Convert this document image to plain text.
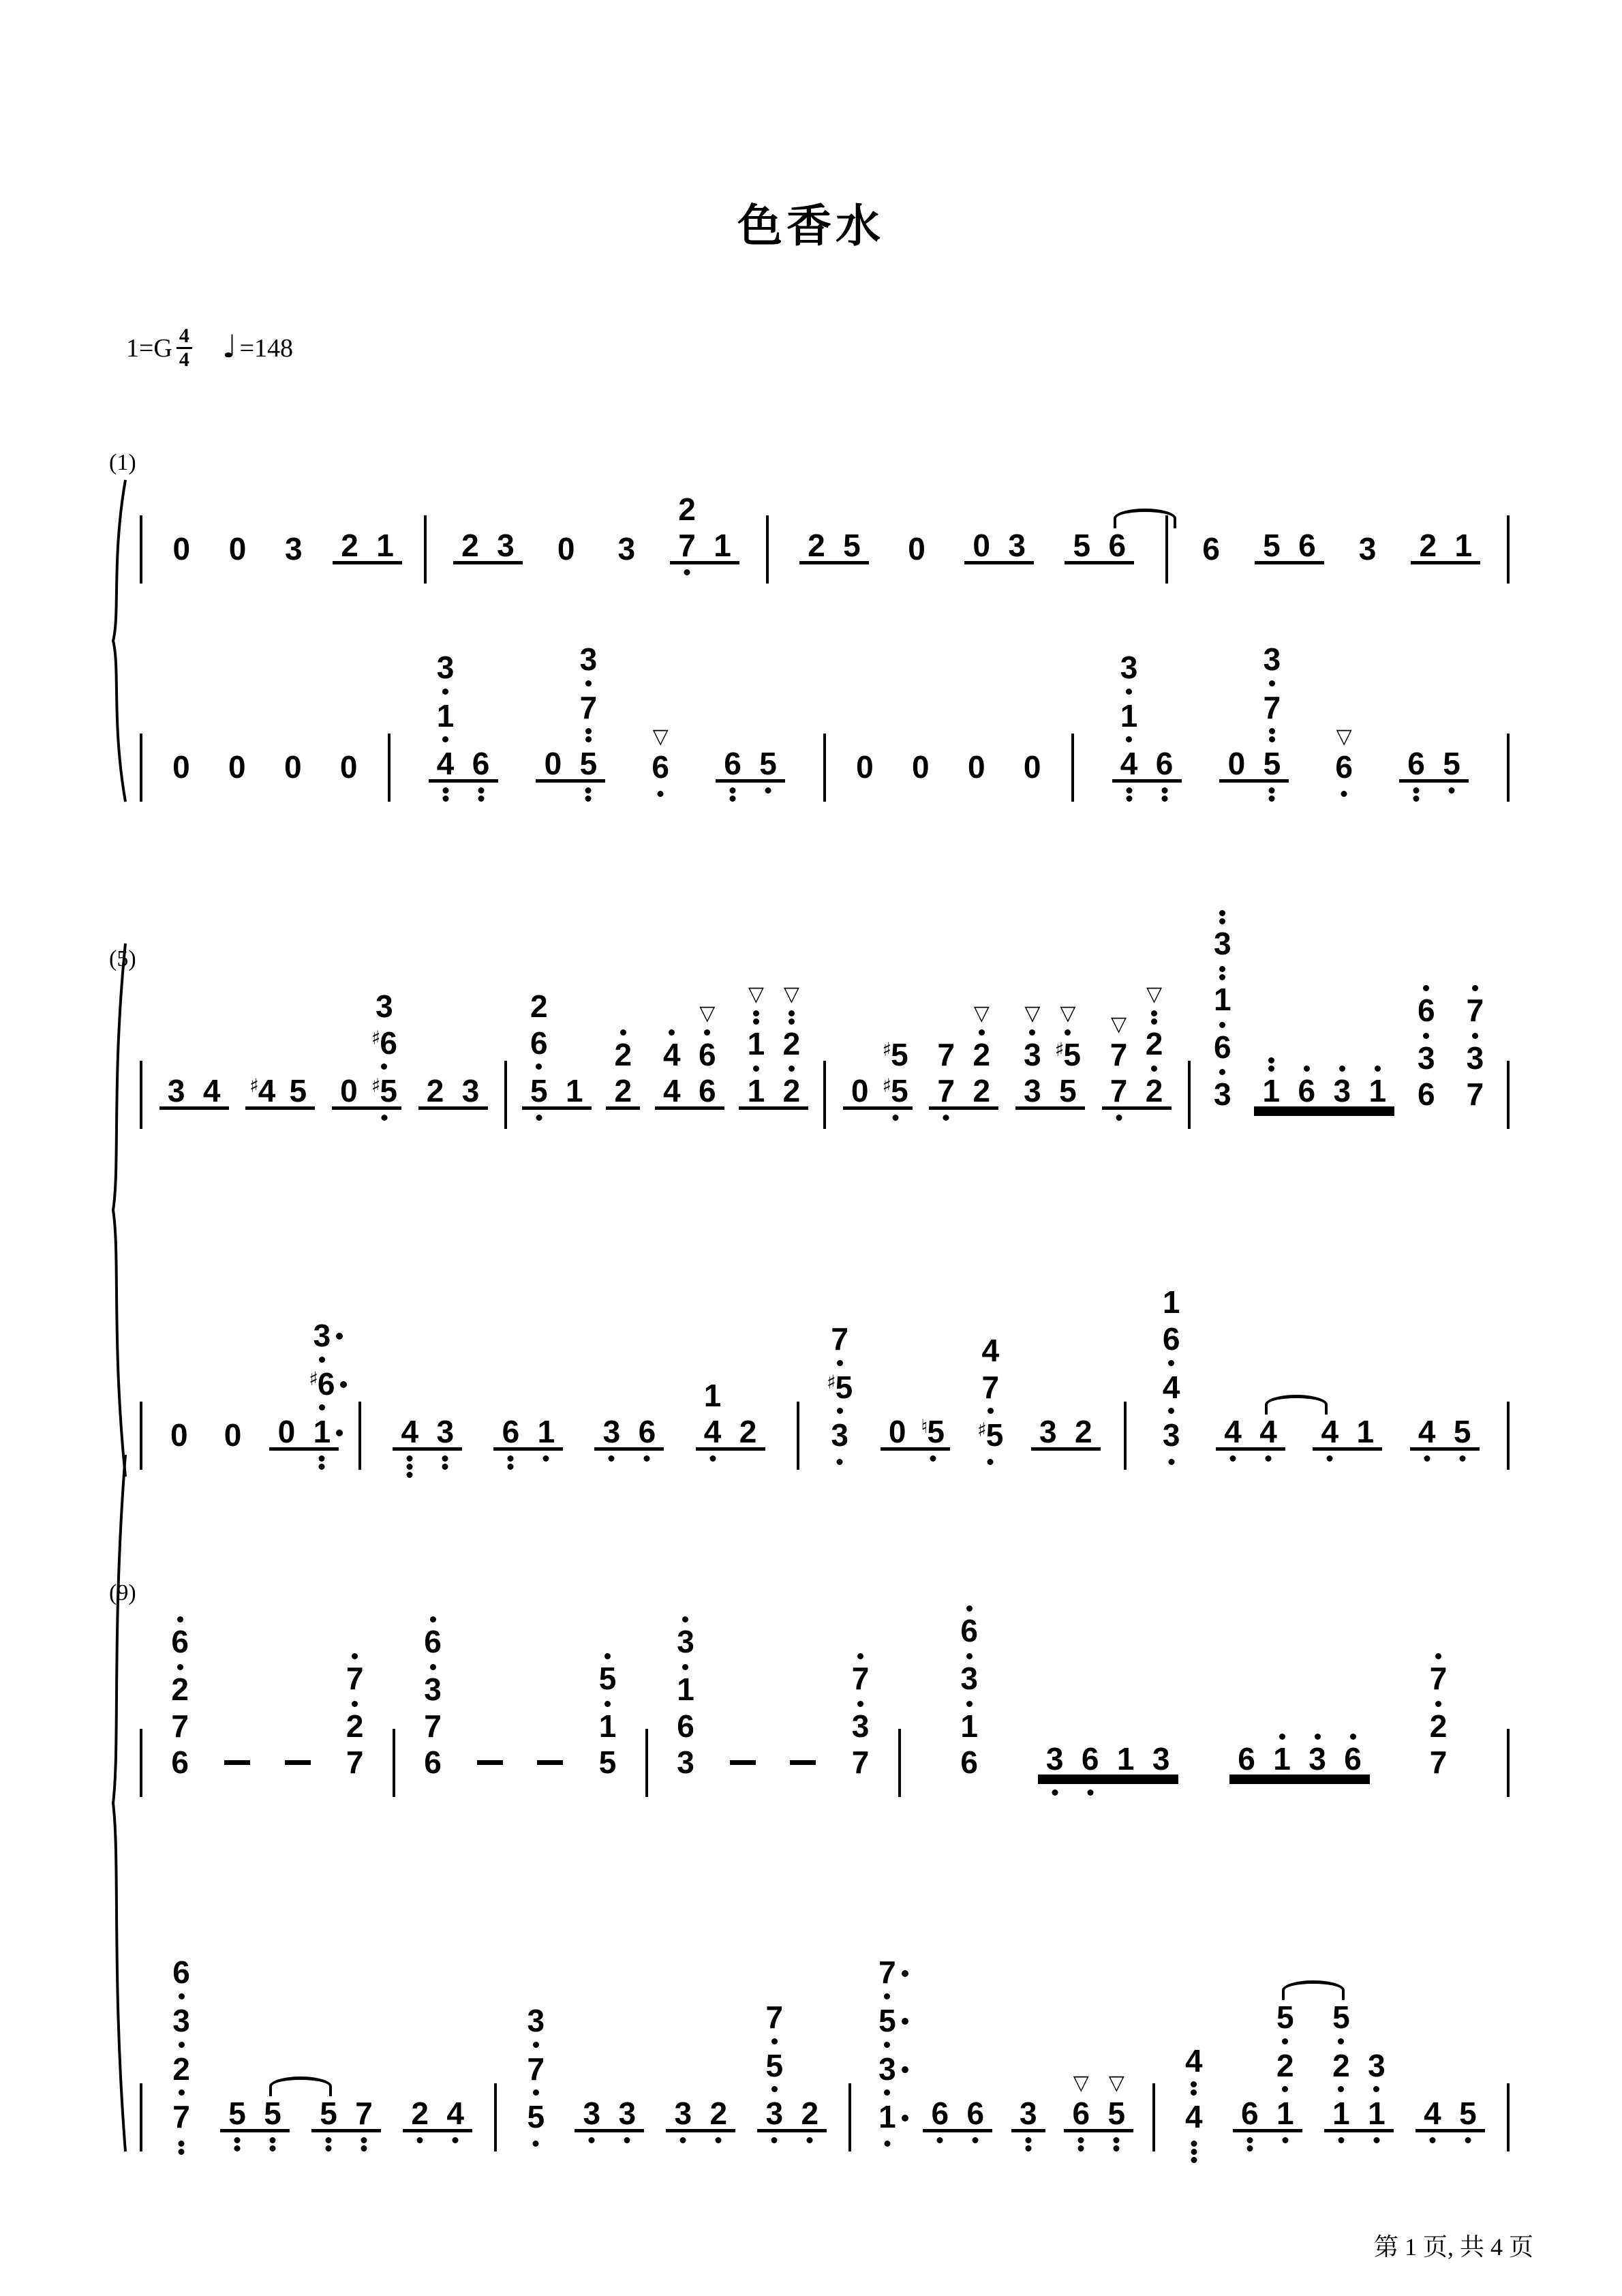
色香水
$1=G \frac{4}{4}$ ♩ =148
(1)
(5)
(9)
0 0 3 2 1 2 3 0 3
2
7 1 2 5 0 0 3 5 6 6 5 6 3 2 1
0 0 0 0
3
1
4 6 0
3
7
5
▽
6 6 5	0 0 0 0
3
1
4 6 0
3
7
5
▽
6 6 5
3 4 ♯4 5 0
3
♯6
♯5 2 3
2
6
5 1
2
2
4
4
▽
6
6
▽
1
1
▽
2
2 0
♯5
♯5
7
7
▽
2
2
▽
3
3
▽
♯5
5
▽
7
7
▽
2
2
3
1
6
3 1 6 3 1
6
3
6
7
3
7
0 0 0
3
♯6
1 4 3 6 1 3 6
1
4 2
7
♯5
3 0 ♮5
4
7
♯5 3 2
1
6
4
3 4 4 4 1 4 5
6
2
7
6
7
2
7
6
3
7
6
5
1
5
3
1
6
3
7
3
7
6
3
1
6 3 6 1 3 6 1 3 6
7
2
7
6
3
2
7 5 5 5 7 2 4
3
7
5 3 3 3 2
7
5
3 2
7
5
3
1 6 6 3
▽
6
▽
5
4
4 6
5
2
1
5
2
1
3
1 4 5
第 1 页, 共 4 页
